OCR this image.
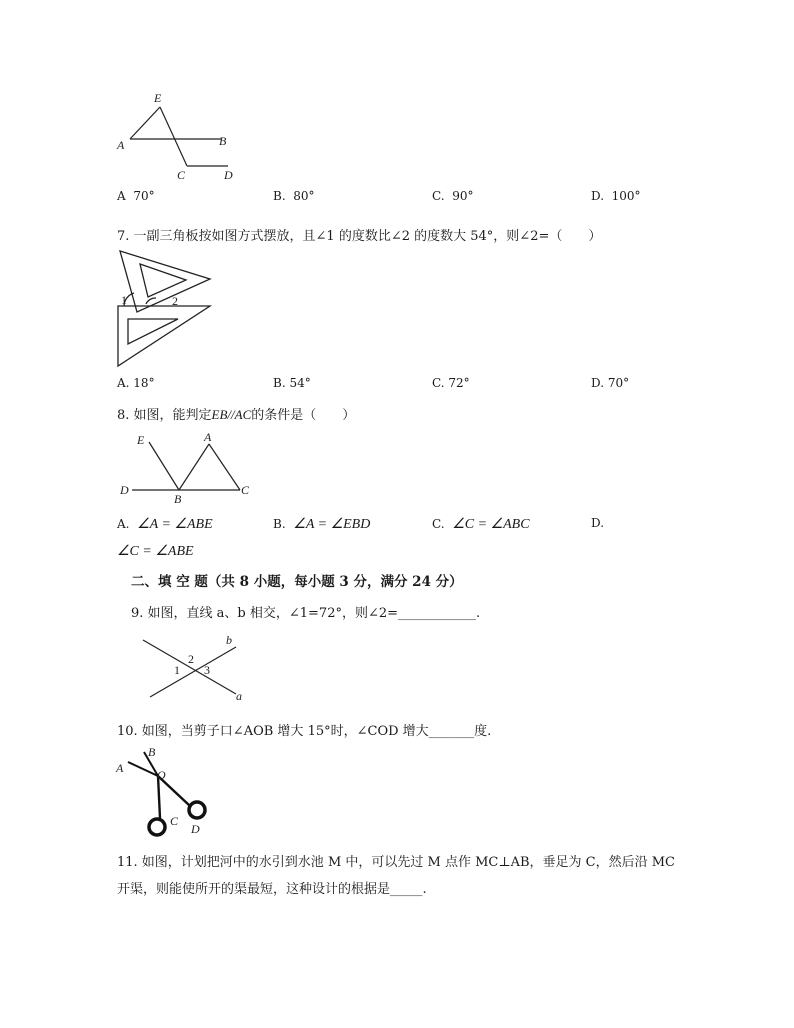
E
A	B
C	D
A 70°	B. 80°	C. 90°	D. 100°
7. 一副三角板按如图方式摆放，且∠1 的度数比∠2 的度数大 54°，则∠2=（　　）
1	2
A. 18°	B. 54°	C. 72°	D. 70°
8. 如图，能判定EB//AC的条件是（　　）
E	A
D
B
C
A. ∠A = ∠ABE	B. ∠A = ∠EBD	C. ∠C = ∠ABC	D.
∠C = ∠ABE
二、填 空 题（共 8 小题，每小题 3 分，满分 24 分）
9. 如图，直线 a、b 相交，∠1=72°，则∠2=____________.
b
a
1
2
3
10. 如图，当剪子口∠AOB 增大 15°时，∠COD 增大_______度.
A
B
O
C
D
11. 如图，计划把河中的水引到水池 M 中，可以先过 M 点作 MC⊥AB，垂足为 C，然后沿 MC
开渠，则能使所开的渠最短，这种设计的根据是_____.
